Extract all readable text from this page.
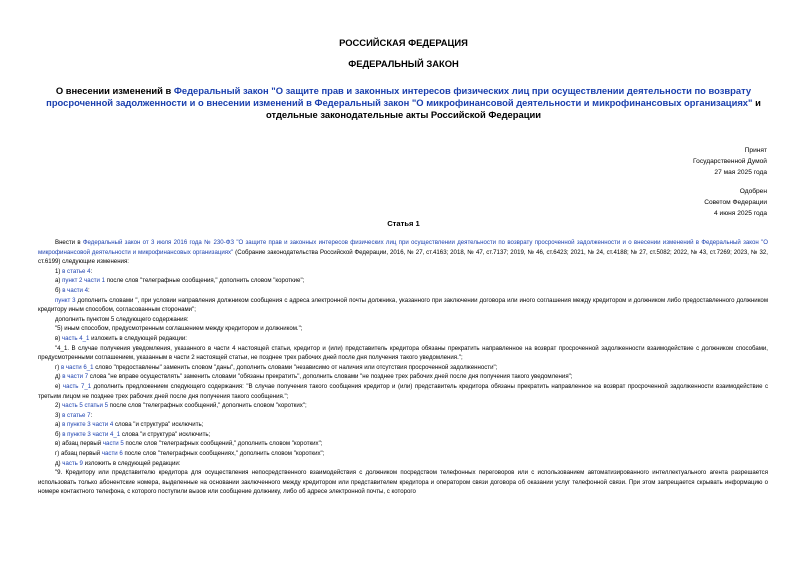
РОССИЙСКАЯ ФЕДЕРАЦИЯ
ФЕДЕРАЛЬНЫЙ ЗАКОН
О внесении изменений в Федеральный закон "О защите прав и законных интересов физических лиц при осуществлении деятельности по возврату просроченной задолженности и о внесении изменений в Федеральный закон "О микрофинансовой деятельности и микрофинансовых организациях" и отдельные законодательные акты Российской Федерации
Принят
Государственной Думой
27 мая 2025 года
Одобрен
Советом Федерации
4 июня 2025 года
Статья 1

Внести в Федеральный закон от 3 июля 2016 года № 230-ФЗ "О защите прав и законных интересов физических лиц при осуществлении деятельности по возврату просроченной задолженности и о внесении изменений в Федеральный закон "О микрофинансовой деятельности и микрофинансовых организациях" (Собрание законодательства Российской Федерации, 2016, № 27, ст.4163; 2018, № 47, ст.7137; 2019, № 46, ст.6423; 2021, № 24, ст.4188; № 27, ст.5082; 2022, № 43, ст.7269; 2023, № 32, ст.6199) следующие изменения:

1) в статье 4:

а) пункт 2 части 1 после слов "телеграфные сообщения," дополнить словом "короткие";

б) в части 4:

пункт 3 дополнить словами ", при условии направления должником сообщения с адреса электронной почты должника, указанного при заключении договора или иного соглашения между кредитором и должником либо предоставленного должником кредитору иным способом, согласованным сторонами";

дополнить пунктом 5 следующего содержания:

"5) иным способом, предусмотренным соглашением между кредитором и должником.";

в) часть 4_1 изложить в следующей редакции:

"4_1. В случае получения уведомления, указанного в части 4 настоящей статьи, кредитор и (или) представитель кредитора обязаны прекратить направленное на возврат просроченной задолженности взаимодействие с должником способами, предусмотренными соглашением, указанным в части 2 настоящей статьи, не позднее трех рабочих дней после дня получения такого уведомления.";

г) в части 6_1 слово "предоставлены" заменить словом "даны", дополнить словами "независимо от наличия или отсутствия просроченной задолженности";

д) в части 7 слова "не вправе осуществлять" заменить словами "обязаны прекратить", дополнить словами "не позднее трех рабочих дней после дня получения такого уведомления";

е) часть 7_1 дополнить предложением следующего содержания: "В случае получения такого сообщения кредитор и (или) представитель кредитора обязаны прекратить направленное на возврат просроченной задолженности взаимодействие с третьим лицом не позднее трех рабочих дней после дня получения такого сообщения.";

2) часть 5 статьи 5 после слов "телеграфных сообщений," дополнить словом "коротких";

3) в статье 7:

а) в пункте 3 части 4 слова "и структура" исключить;

б) в пункте 3 части 4_1 слова "и структура" исключить;

в) абзац первый части 5 после слов "телеграфных сообщений," дополнить словом "коротких";

г) абзац первый части 6 после слов "телеграфных сообщениях," дополнить словом "коротких";

д) часть 9 изложить в следующей редакции:

"9. Кредитору или представителю кредитора для осуществления непосредственного взаимодействия с должником посредством телефонных переговоров или с использованием автоматизированного интеллектуального агента разрешается использовать только абонентские номера, выделенные на основании заключенного между кредитором или представителем кредитора и оператором связи договора об оказании услуг телефонной связи. При этом запрещается скрывать информацию о номере контактного телефона, с которого поступили вызов или сообщение должнику, либо об адресе электронной почты, с которого
